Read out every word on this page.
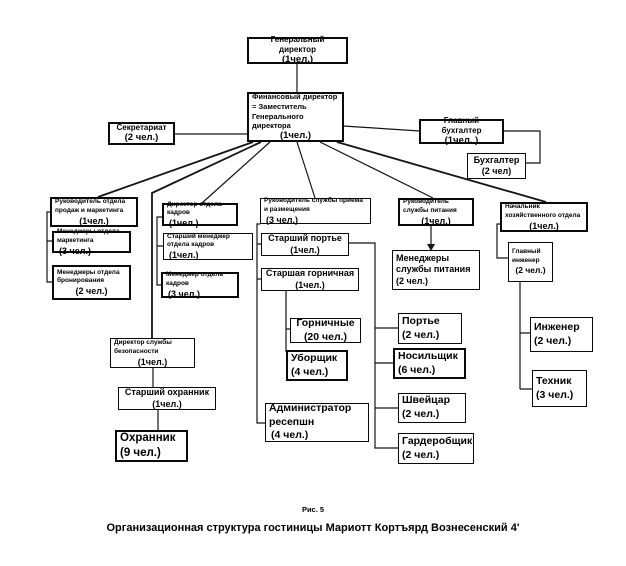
Генеральный директор
(1чел.)
Финансовый директор = Заместитель Генерального директора
(1чел.)
Секретариат
(2 чел.)
Главный бухгалтер
(1чел. )
Бухгалтер
(2 чел)
Руководитель отдела продаж и маркетинга
(1чел.)
Менеджеры отдела маркетинга
(3 чел.)
Менеджеры отдела бронирования
(2 чел.)
Директор отдела кадров
(1чел.)
Старший менеджер отдела кадров
(1чел.)
Менеджер отдела кадров
(3 чел.)
Руководитель службы приема и размещения
(3 чел.)
Старший портье
(1чел.)
Старшая горничная
(1чел.)
Горничные
(20 чел.)
Уборщик
(4 чел.)
Администратор ресепшн
(4 чел.)
Руководитель службы питания
(1чел.)
Менеджеры службы питания
(2 чел.)
Портье
(2 чел.)
Носильщик
(6 чел.)
Швейцар
(2 чел.)
Гардеробщик
(2 чел.)
Начальник хозяйственного отдела
(1чел.)
Главный инженер
(2 чел.)
Инженер
(2 чел.)
Техник
(3 чел.)
Директор службы безопасности
(1чел.)
Старший охранник
(1чел.)
Охранник
(9 чел.)
Рис. 5
Организационная структура гостиницы Мариотт Кортъярд Вознесенский 4'
